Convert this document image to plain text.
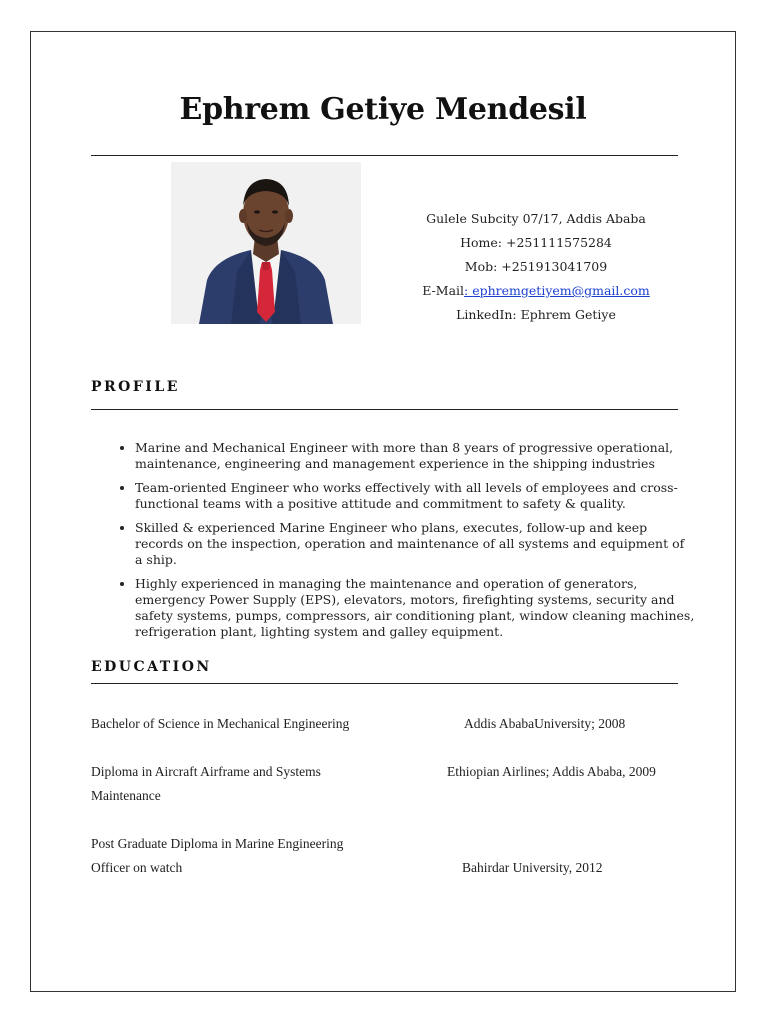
Ephrem Getiye Mendesil
Gulele Subcity 07/17, Addis Ababa
Home: +251111575284
Mob: +251913041709
E-Mail: ephremgetiyem@gmail.com
LinkedIn: Ephrem Getiye
PROFILE
• Marine and Mechanical Engineer with more than 8 years of progressive operational, maintenance, engineering and management experience in the shipping industries
• Team-oriented Engineer who works effectively with all levels of employees and cross-functional teams with a positive attitude and commitment to safety & quality.
• Skilled & experienced Marine Engineer who plans, executes, follow-up and keep records on the inspection, operation and maintenance of all systems and equipment of a ship.
• Highly experienced in managing the maintenance and operation of generators, emergency Power Supply (EPS), elevators, motors, firefighting systems, security and safety systems, pumps, compressors, air conditioning plant, window cleaning machines, refrigeration plant, lighting system and galley equipment.
EDUCATION
Bachelor of Science in Mechanical Engineering	Addis AbabaUniversity; 2008
Diploma in Aircraft Airframe and Systems Maintenance
Ethiopian Airlines; Addis Ababa, 2009
Post Graduate Diploma in Marine Engineering Officer on watch	Bahirdar University, 2012
